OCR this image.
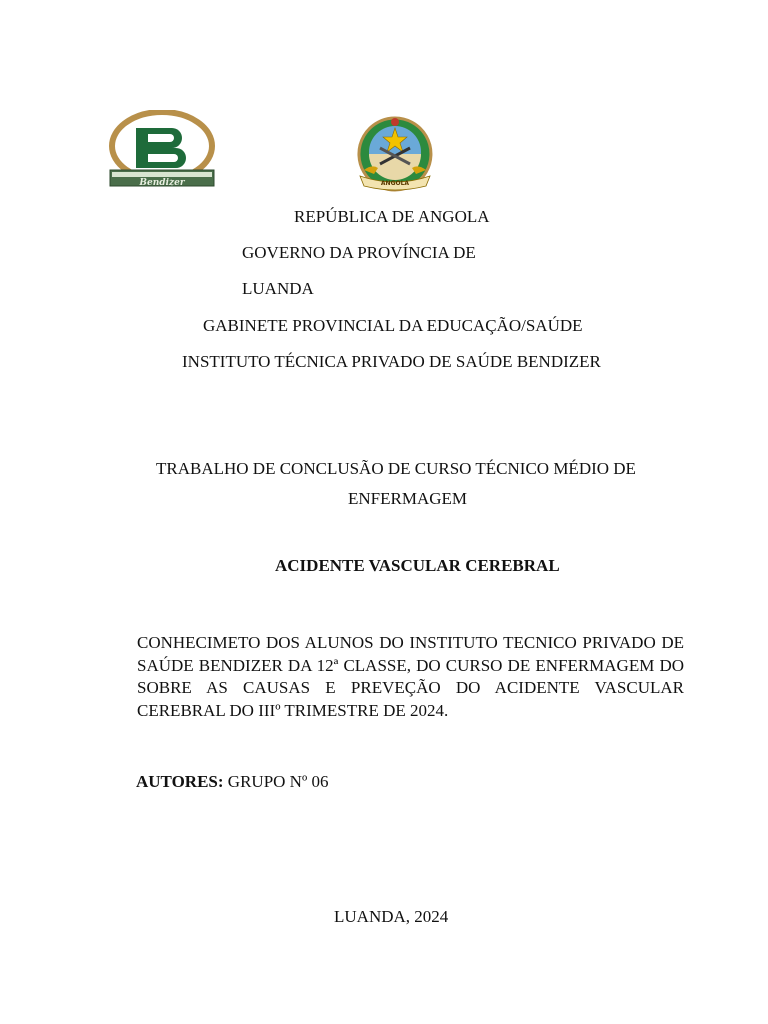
Bendizer	ANGOLA
REPÚBLICA DE ANGOLA
GOVERNO DA PROVÍNCIA DE
LUANDA
GABINETE PROVINCIAL DA EDUCAÇÃO/SAÚDE
INSTITUTO TÉCNICA PRIVADO DE SAÚDE BENDIZER
TRABALHO DE CONCLUSÃO DE CURSO TÉCNICO MÉDIO DE
ENFERMAGEM
ACIDENTE VASCULAR CEREBRAL
CONHECIMETO DOS ALUNOS DO INSTITUTO TECNICO PRIVADO DE SAÚDE BENDIZER DA 12ª CLASSE, DO CURSO DE ENFERMAGEM DO SOBRE AS CAUSAS E PREVEÇÃO DO ACIDENTE VASCULAR CEREBRAL DO IIIº TRIMESTRE DE 2024.
AUTORES: GRUPO Nº 06
LUANDA, 2024
